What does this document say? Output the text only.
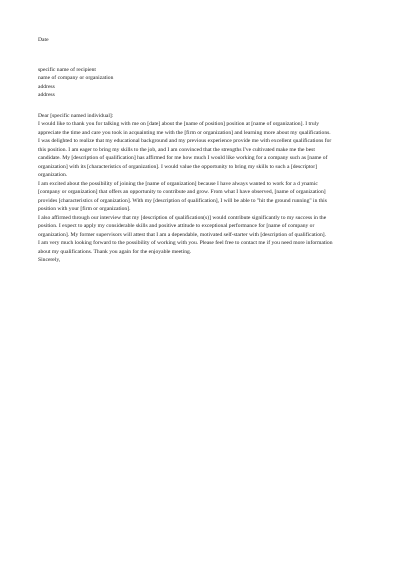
Date
specific name of recipient
name of company or organization
address
address
Dear [specific named individual]:
I would like to thank you for talking with me on [date] about the [name of position] position at [name of organization]. I truly
appreciate the time and care you took in acquainting me with the [firm or organization] and learning more about my qualifications.
I was delighted to realize that my educational background and my previous experience provide me with excellent qualifications for
this position. I am eager to bring my skills to the job, and I am convinced that the strengths I've cultivated make me the best
candidate. My [description of qualification] has affirmed for me how much I would like working for a company such as [name of
organization] with its [characteristics of organization]. I would value the opportunity to bring my skills to such a [descriptor]
organization.
I am excited about the possibility of joining the [name of organization] because I have always wanted to work for a d ynamic
[company or organization] that offers an opportunity to contribute and grow. From what I have observed, [name of organization]
provides [characteristics of organization]. With my [description of qualification], I will be able to "hit the ground running" in this
position with your [firm or organization].
I also affirmed through our interview that my [description of qualification(s)] would contribute significantly to my success in the
position. I expect to apply my considerable skills and positive attitude to exceptional performance for [name of company or
organization]. My former supervisors will attest that I am a dependable, motivated self-starter with [description of qualification].
I am very much looking forward to the possibility of working with you. Please feel free to contact me if you need more information
about my qualifications. Thank you again for the enjoyable meeting.
Sincerely,
